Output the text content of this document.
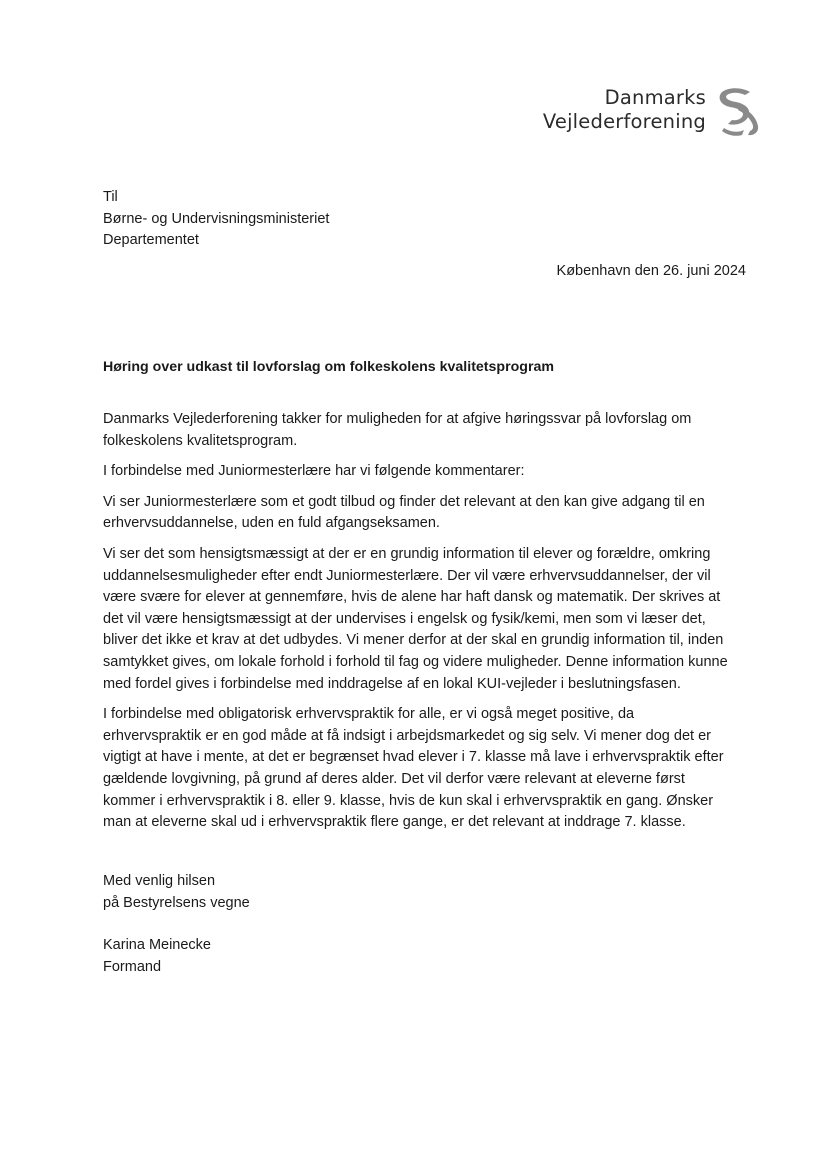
Danmarks
Vejlederforening
Til
Børne- og Undervisningsministeriet
Departementet
København den 26. juni 2024
Høring over udkast til lovforslag om folkeskolens kvalitetsprogram

Danmarks Vejlederforening takker for muligheden for at afgive høringssvar på lovforslag om folkeskolens kvalitetsprogram.

I forbindelse med Juniormesterlære har vi følgende kommentarer:

Vi ser Juniormesterlære som et godt tilbud og finder det relevant at den kan give adgang til en erhvervsuddannelse, uden en fuld afgangseksamen.

Vi ser det som hensigtsmæssigt at der er en grundig information til elever og forældre, omkring uddannelsesmuligheder efter endt Juniormesterlære. Der vil være erhvervsuddannelser, der vil være svære for elever at gennemføre, hvis de alene har haft dansk og matematik. Der skrives at det vil være hensigtsmæssigt at der undervises i engelsk og fysik/kemi, men som vi læser det, bliver det ikke et krav at det udbydes. Vi mener derfor at der skal en grundig information til, inden samtykket gives, om lokale forhold i forhold til fag og videre muligheder. Denne information kunne med fordel gives i forbindelse med inddragelse af en lokal KUI-vejleder i beslutningsfasen.

I forbindelse med obligatorisk erhvervspraktik for alle, er vi også meget positive, da erhvervspraktik er en god måde at få indsigt i arbejdsmarkedet og sig selv. Vi mener dog det er vigtigt at have i mente, at det er begrænset hvad elever i 7. klasse må lave i erhvervspraktik efter gældende lovgivning, på grund af deres alder. Det vil derfor være relevant at eleverne først kommer i erhvervspraktik i 8. eller 9. klasse, hvis de kun skal i erhvervspraktik en gang. Ønsker man at eleverne skal ud i erhvervspraktik flere gange, er det relevant at inddrage 7. klasse.

Med venlig hilsen
på Bestyrelsens vegne
Karina Meinecke
Formand
